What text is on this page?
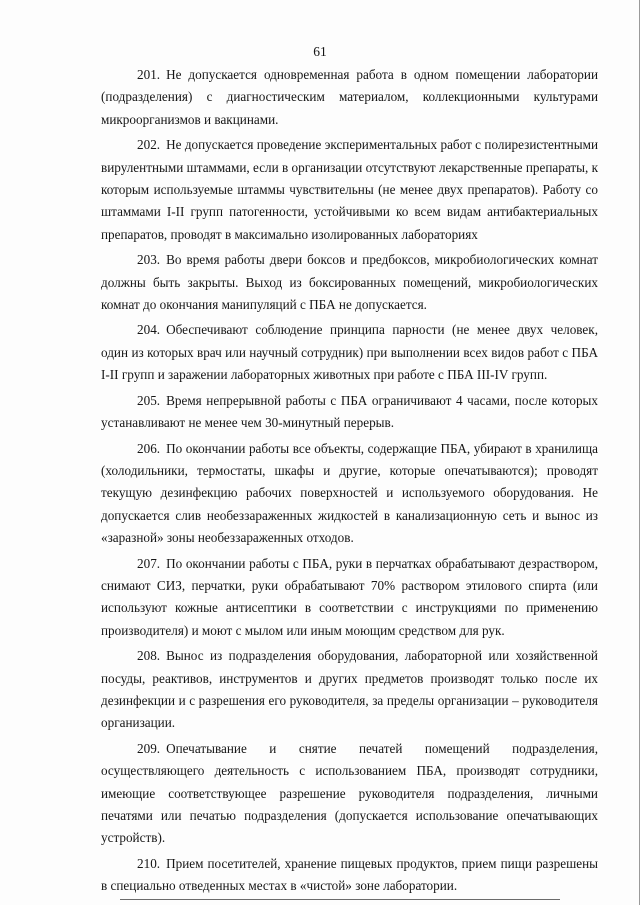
61

201. Не допускается одновременная работа в одном помещении лаборатории (подразделения) с диагностическим материалом, коллекционными культурами микроорганизмов и вакцинами.

202. Не допускается проведение экспериментальных работ с полирезистентными вирулентными штаммами, если в организации отсутствуют лекарственные препараты, к которым используемые штаммы чувствительны (не менее двух препаратов). Работу со штаммами I-II групп патогенности, устойчивыми ко всем видам антибактериальных препаратов, проводят в максимально изолированных лабораториях

203. Во время работы двери боксов и предбоксов, микробиологических комнат должны быть закрыты. Выход из боксированных помещений, микробиологических комнат до окончания манипуляций с ПБА не допускается.

204. Обеспечивают соблюдение принципа парности (не менее двух человек, один из которых врач или научный сотрудник) при выполнении всех видов работ с ПБА I-II групп и заражении лабораторных животных при работе с ПБА III-IV групп.

205. Время непрерывной работы с ПБА ограничивают 4 часами, после которых устанавливают не менее чем 30-минутный перерыв.

206. По окончании работы все объекты, содержащие ПБА, убирают в хранилища (холодильники, термостаты, шкафы и другие, которые опечатываются); проводят текущую дезинфекцию рабочих поверхностей и используемого оборудования. Не допускается слив необеззараженных жидкостей в канализационную сеть и вынос из «заразной» зоны необеззараженных отходов.

207. По окончании работы с ПБА, руки в перчатках обрабатывают дезраствором, снимают СИЗ, перчатки, руки обрабатывают 70% раствором этилового спирта (или используют кожные антисептики в соответствии с инструкциями по применению производителя) и моют с мылом или иным моющим средством для рук.

208. Вынос из подразделения оборудования, лабораторной или хозяйственной посуды, реактивов, инструментов и других предметов производят только после их дезинфекции и с разрешения его руководителя, за пределы организации – руководителя организации.

209. Опечатывание и снятие печатей помещений подразделения, осуществляющего деятельность с использованием ПБА, производят сотрудники, имеющие соответствующее разрешение руководителя подразделения, личными печатями или печатью подразделения (допускается использование опечатывающих устройств).

210. Прием посетителей, хранение пищевых продуктов, прием пищи разрешены в специально отведенных местах в «чистой» зоне лаборатории.
